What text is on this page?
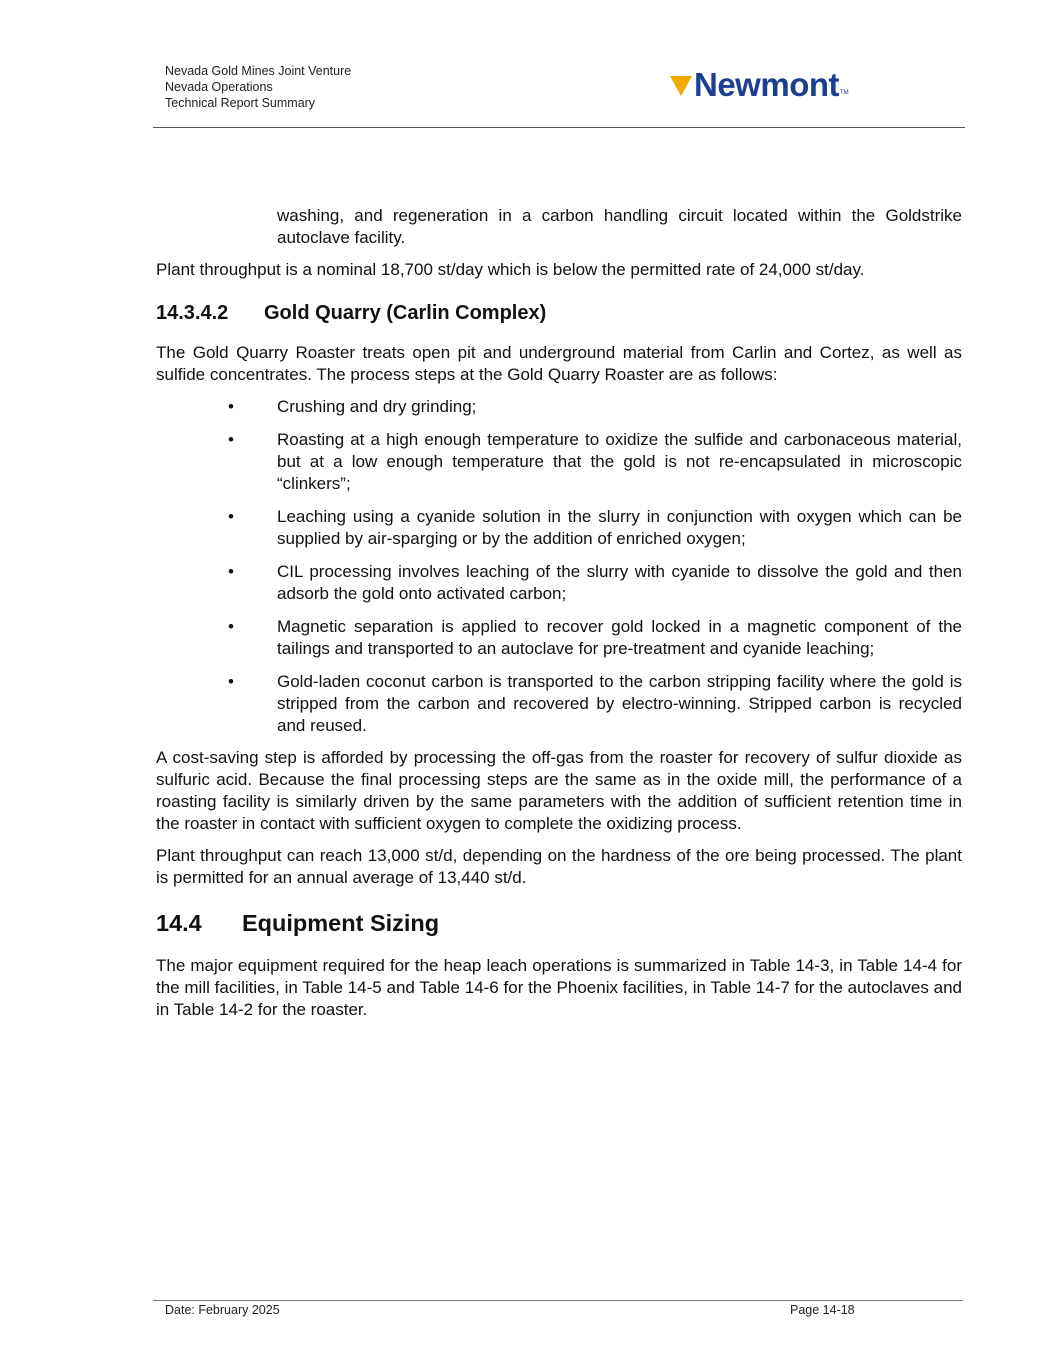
Nevada Gold Mines Joint Venture
Nevada Operations
Technical Report Summary	Newmont TM

washing, and regeneration in a carbon handling circuit located within the Goldstrike autoclave facility.

Plant throughput is a nominal 18,700 st/day which is below the permitted rate of 24,000 st/day.

14.3.4.2 Gold Quarry (Carlin Complex)

The Gold Quarry Roaster treats open pit and underground material from Carlin and Cortez, as well as sulfide concentrates. The process steps at the Gold Quarry Roaster are as follows:

•	Crushing and dry grinding;
•	Roasting at a high enough temperature to oxidize the sulfide and carbonaceous material, but at a low enough temperature that the gold is not re-encapsulated in microscopic “clinkers”;
•	Leaching using a cyanide solution in the slurry in conjunction with oxygen which can be supplied by air-sparging or by the addition of enriched oxygen;
•	CIL processing involves leaching of the slurry with cyanide to dissolve the gold and then adsorb the gold onto activated carbon;
•	Magnetic separation is applied to recover gold locked in a magnetic component of the tailings and transported to an autoclave for pre-treatment and cyanide leaching;
•	Gold-laden coconut carbon is transported to the carbon stripping facility where the gold is stripped from the carbon and recovered by electro-winning. Stripped carbon is recycled and reused.

A cost-saving step is afforded by processing the off-gas from the roaster for recovery of sulfur dioxide as sulfuric acid. Because the final processing steps are the same as in the oxide mill, the performance of a roasting facility is similarly driven by the same parameters with the addition of sufficient retention time in the roaster in contact with sufficient oxygen to complete the oxidizing process.

Plant throughput can reach 13,000 st/d, depending on the hardness of the ore being processed. The plant is permitted for an annual average of 13,440 st/d.

14.4 Equipment Sizing

The major equipment required for the heap leach operations is summarized in Table 14-3, in Table 14-4 for the mill facilities, in Table 14-5 and Table 14-6 for the Phoenix facilities, in Table 14-7 for the autoclaves and in Table 14-2 for the roaster.

Date: February 2025	Page 14-18
